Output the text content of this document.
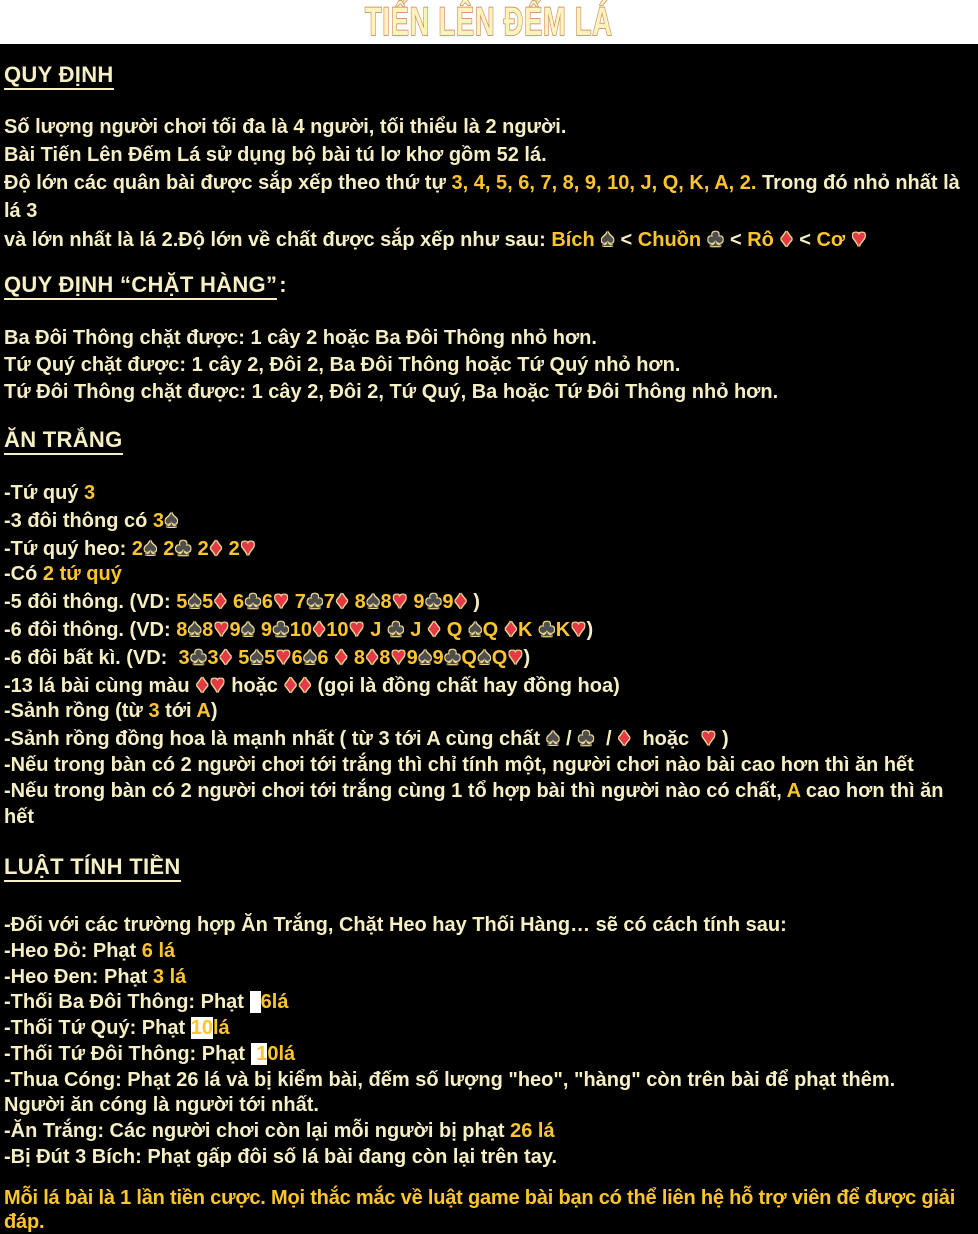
TIẾN LÊN ĐẾM LÁ
QUY ĐỊNH
Số lượng người chơi tối đa là 4 người, tối thiểu là 2 người.
Bài Tiến Lên Đếm Lá sử dụng bộ bài tú lơ khơ gồm 52 lá.
Độ lớn các quân bài được sắp xếp theo thứ tự 3, 4, 5, 6, 7, 8, 9, 10, J, Q, K, A, 2. Trong đó nhỏ nhất là lá 3
và lớn nhất là lá 2.Độ lớn về chất được sắp xếp như sau: Bích ♠ < Chuồn ♣ < Rô ♦ < Cơ ♥
QUY ĐỊNH “CHẶT HÀNG”:
Ba Đôi Thông chặt được: 1 cây 2 hoặc Ba Đôi Thông nhỏ hơn.
Tứ Quý chặt được: 1 cây 2, Đôi 2, Ba Đôi Thông hoặc Tứ Quý nhỏ hơn.
Tứ Đôi Thông chặt được: 1 cây 2, Đôi 2, Tứ Quý, Ba hoặc Tứ Đôi Thông nhỏ hơn.
ĂN TRẮNG
-Tứ quý 3
-3 đôi thông có 3♠
-Tứ quý heo: 2♠ 2♣ 2♦ 2♥
-Có 2 tứ quý
-5 đôi thông. (VD: 5♠5♦ 6♣6♥ 7♣7♦ 8♠8♥ 9♣9♦ )
-6 đôi thông. (VD: 8♠8♥9♠ 9♣10♦10♥ J ♣ J ♦ Q ♠Q ♦K ♣K♥)
-6 đôi bất kì. (VD:  3♣3♦ 5♠5♥6♠6 ♦ 8♦8♥9♠9♣Q♠Q♥)
-13 lá bài cùng màu ♦♥ hoặc ♦♦ (gọi là đồng chất hay đồng hoa)
-Sảnh rồng (từ 3 tới A)
-Sảnh rồng đồng hoa là mạnh nhất ( từ 3 tới A cùng chất ♠ / ♣  / ♦  hoặc  ♥ )
-Nếu trong bàn có 2 người chơi tới trắng thì chỉ tính một, người chơi nào bài cao hơn thì ăn hết
-Nếu trong bàn có 2 người chơi tới trắng cùng 1 tổ hợp bài thì người nào có chất, A cao hơn thì ăn hết
LUẬT TÍNH TIỀN
-Đối với các trường hợp Ăn Trắng, Chặt Heo hay Thối Hàng… sẽ có cách tính sau:
-Heo Đỏ: Phạt 6 lá
-Heo Đen: Phạt 3 lá
-Thối Ba Đôi Thông: Phạt   6lá
-Thối Tứ Quý: Phạt 10lá
-Thối Tứ Đôi Thông: Phạt  10lá
-Thua Cóng: Phạt 26 lá và bị kiểm bài, đếm số lượng "heo", "hàng" còn trên bài để phạt thêm.
Người ăn cóng là người tới nhất.
-Ăn Trắng: Các người chơi còn lại mỗi người bị phạt 26 lá
-Bị Đút 3 Bích: Phạt gấp đôi số lá bài đang còn lại trên tay.

Mỗi lá bài là 1 lần tiền cược. Mọi thắc mắc về luật game bài bạn có thể liên hệ hỗ trợ viên để được giải đáp.
